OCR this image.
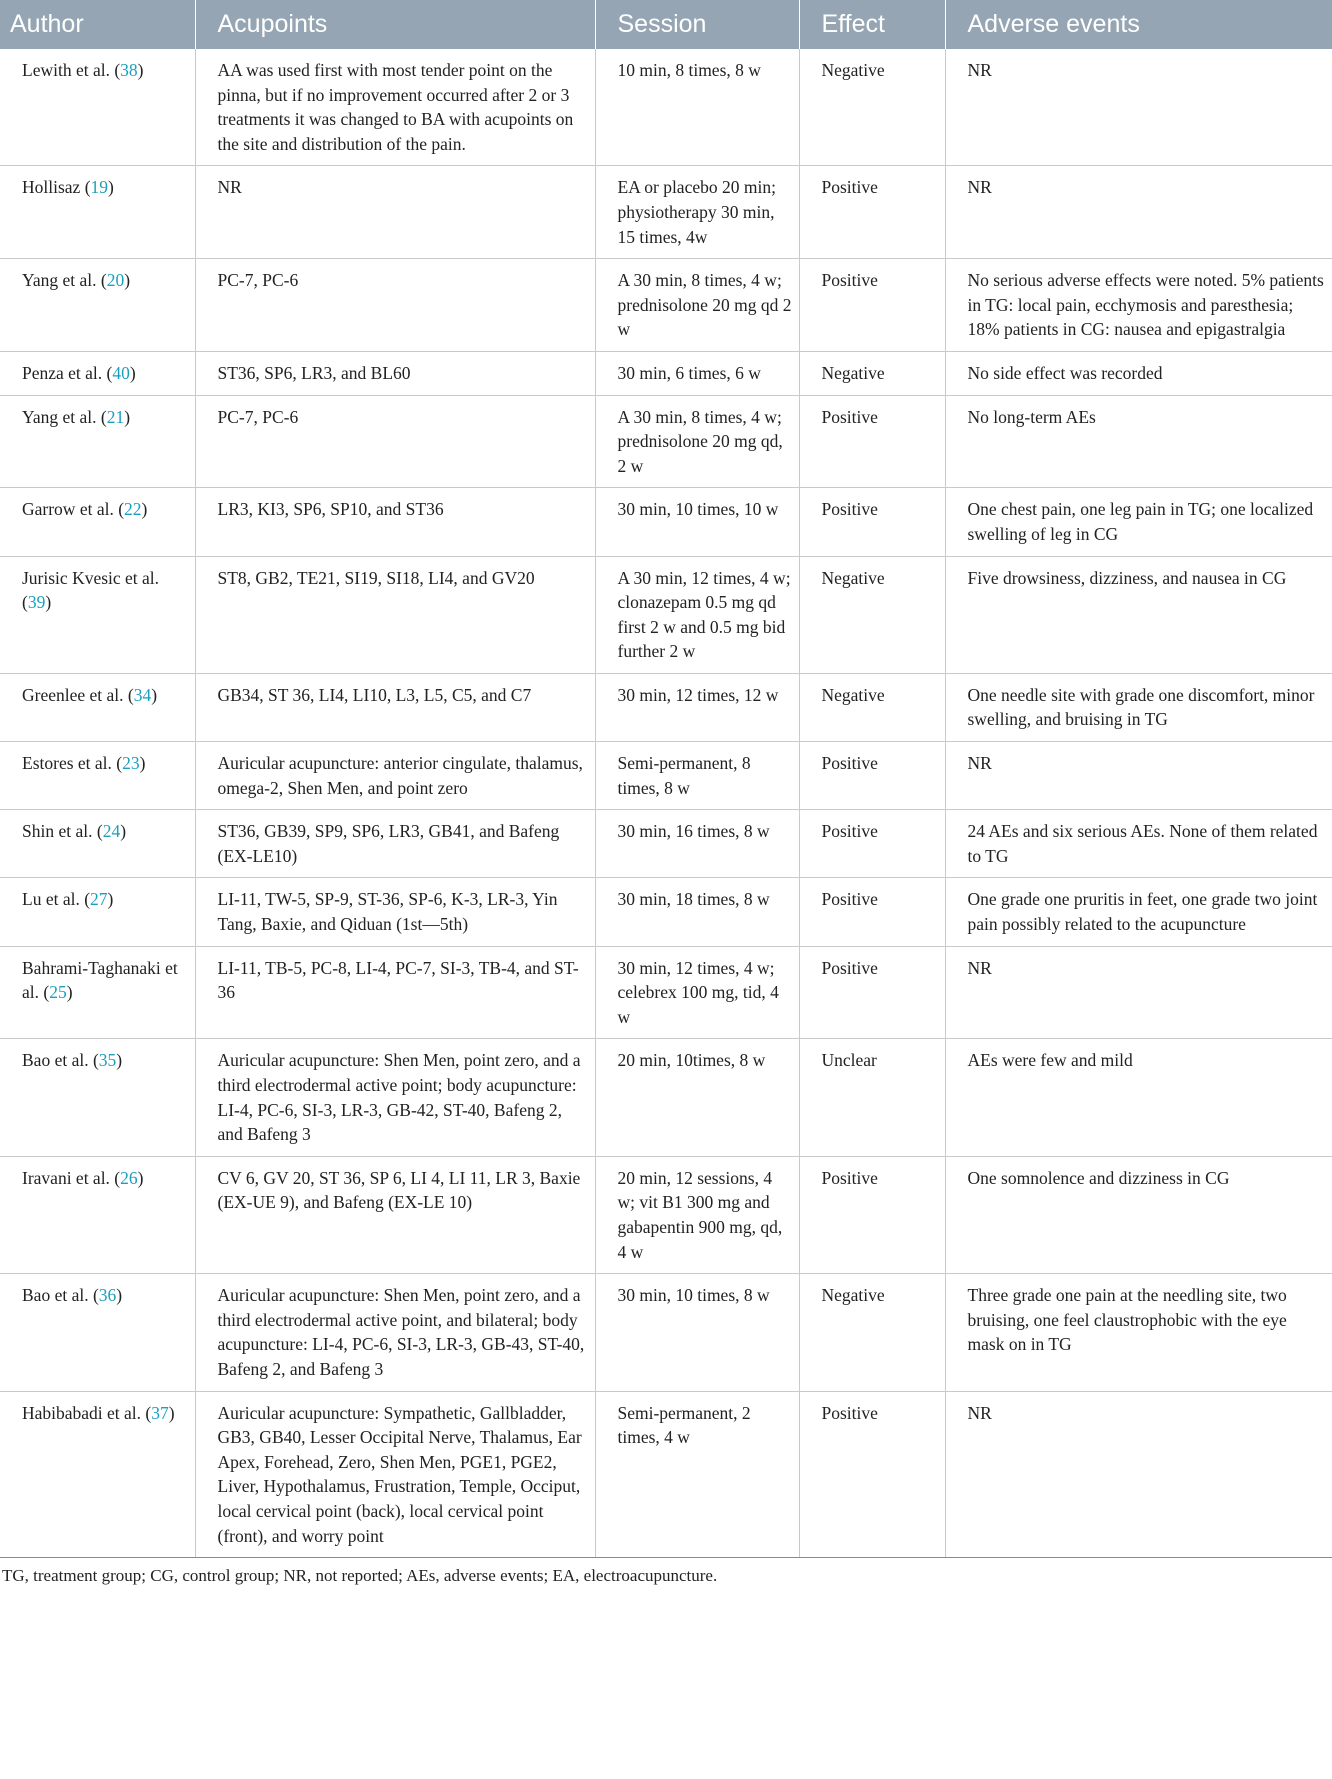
Author	Acupoints	Session	Effect	Adverse events
Lewith et al. (38)	AA was used first with most tender point on the pinna, but if no improvement occurred after 2 or 3 treatments it was changed to BA with acupoints on the site and distribution of the pain.	10 min, 8 times, 8 w	Negative	NR
Hollisaz (19)	NR	EA or placebo 20 min; physiotherapy 30 min, 15 times, 4w	Positive	NR
Yang et al. (20)	PC-7, PC-6	A 30 min, 8 times, 4 w; prednisolone 20 mg qd 2 w	Positive	No serious adverse effects were noted. 5% patients in TG: local pain, ecchymosis and paresthesia; 18% patients in CG: nausea and epigastralgia
Penza et al. (40)	ST36, SP6, LR3, and BL60	30 min, 6 times, 6 w	Negative	No side effect was recorded
Yang et al. (21)	PC-7, PC-6	A 30 min, 8 times, 4 w; prednisolone 20 mg qd, 2 w	Positive	No long-term AEs
Garrow et al. (22)	LR3, KI3, SP6, SP10, and ST36	30 min, 10 times, 10 w	Positive	One chest pain, one leg pain in TG; one localized swelling of leg in CG
Jurisic Kvesic et al. (39)	ST8, GB2, TE21, SI19, SI18, LI4, and GV20	A 30 min, 12 times, 4 w; clonazepam 0.5 mg qd first 2 w and 0.5 mg bid further 2 w	Negative	Five drowsiness, dizziness, and nausea in CG
Greenlee et al. (34)	GB34, ST 36, LI4, LI10, L3, L5, C5, and C7	30 min, 12 times, 12 w	Negative	One needle site with grade one discomfort, minor swelling, and bruising in TG
Estores et al. (23)	Auricular acupuncture: anterior cingulate, thalamus, omega-2, Shen Men, and point zero	Semi-permanent, 8 times, 8 w	Positive	NR
Shin et al. (24)	ST36, GB39, SP9, SP6, LR3, GB41, and Bafeng (EX-LE10)	30 min, 16 times, 8 w	Positive	24 AEs and six serious AEs. None of them related to TG
Lu et al. (27)	LI-11, TW-5, SP-9, ST-36, SP-6, K-3, LR-3, Yin Tang, Baxie, and Qiduan (1st—5th)	30 min, 18 times, 8 w	Positive	One grade one pruritis in feet, one grade two joint pain possibly related to the acupuncture
Bahrami-Taghanaki et al. (25)	LI-11, TB-5, PC-8, LI-4, PC-7, SI-3, TB-4, and ST-36	30 min, 12 times, 4 w; celebrex 100 mg, tid, 4 w	Positive	NR
Bao et al. (35)	Auricular acupuncture: Shen Men, point zero, and a third electrodermal active point; body acupuncture: LI-4, PC-6, SI-3, LR-3, GB-42, ST-40, Bafeng 2, and Bafeng 3	20 min, 10times, 8 w	Unclear	AEs were few and mild
Iravani et al. (26)	CV 6, GV 20, ST 36, SP 6, LI 4, LI 11, LR 3, Baxie (EX-UE 9), and Bafeng (EX-LE 10)	20 min, 12 sessions, 4 w; vit B1 300 mg and gabapentin 900 mg, qd, 4 w	Positive	One somnolence and dizziness in CG
Bao et al. (36)	Auricular acupuncture: Shen Men, point zero, and a third electrodermal active point, and bilateral; body acupuncture: LI-4, PC-6, SI-3, LR-3, GB-43, ST-40, Bafeng 2, and Bafeng 3	30 min, 10 times, 8 w	Negative	Three grade one pain at the needling site, two bruising, one feel claustrophobic with the eye mask on in TG
Habibabadi et al. (37)	Auricular acupuncture: Sympathetic, Gallbladder, GB3, GB40, Lesser Occipital Nerve, Thalamus, Ear Apex, Forehead, Zero, Shen Men, PGE1, PGE2, Liver, Hypothalamus, Frustration, Temple, Occiput, local cervical point (back), local cervical point (front), and worry point	Semi-permanent, 2 times, 4 w	Positive	NR
TG, treatment group; CG, control group; NR, not reported; AEs, adverse events; EA, electroacupuncture.
